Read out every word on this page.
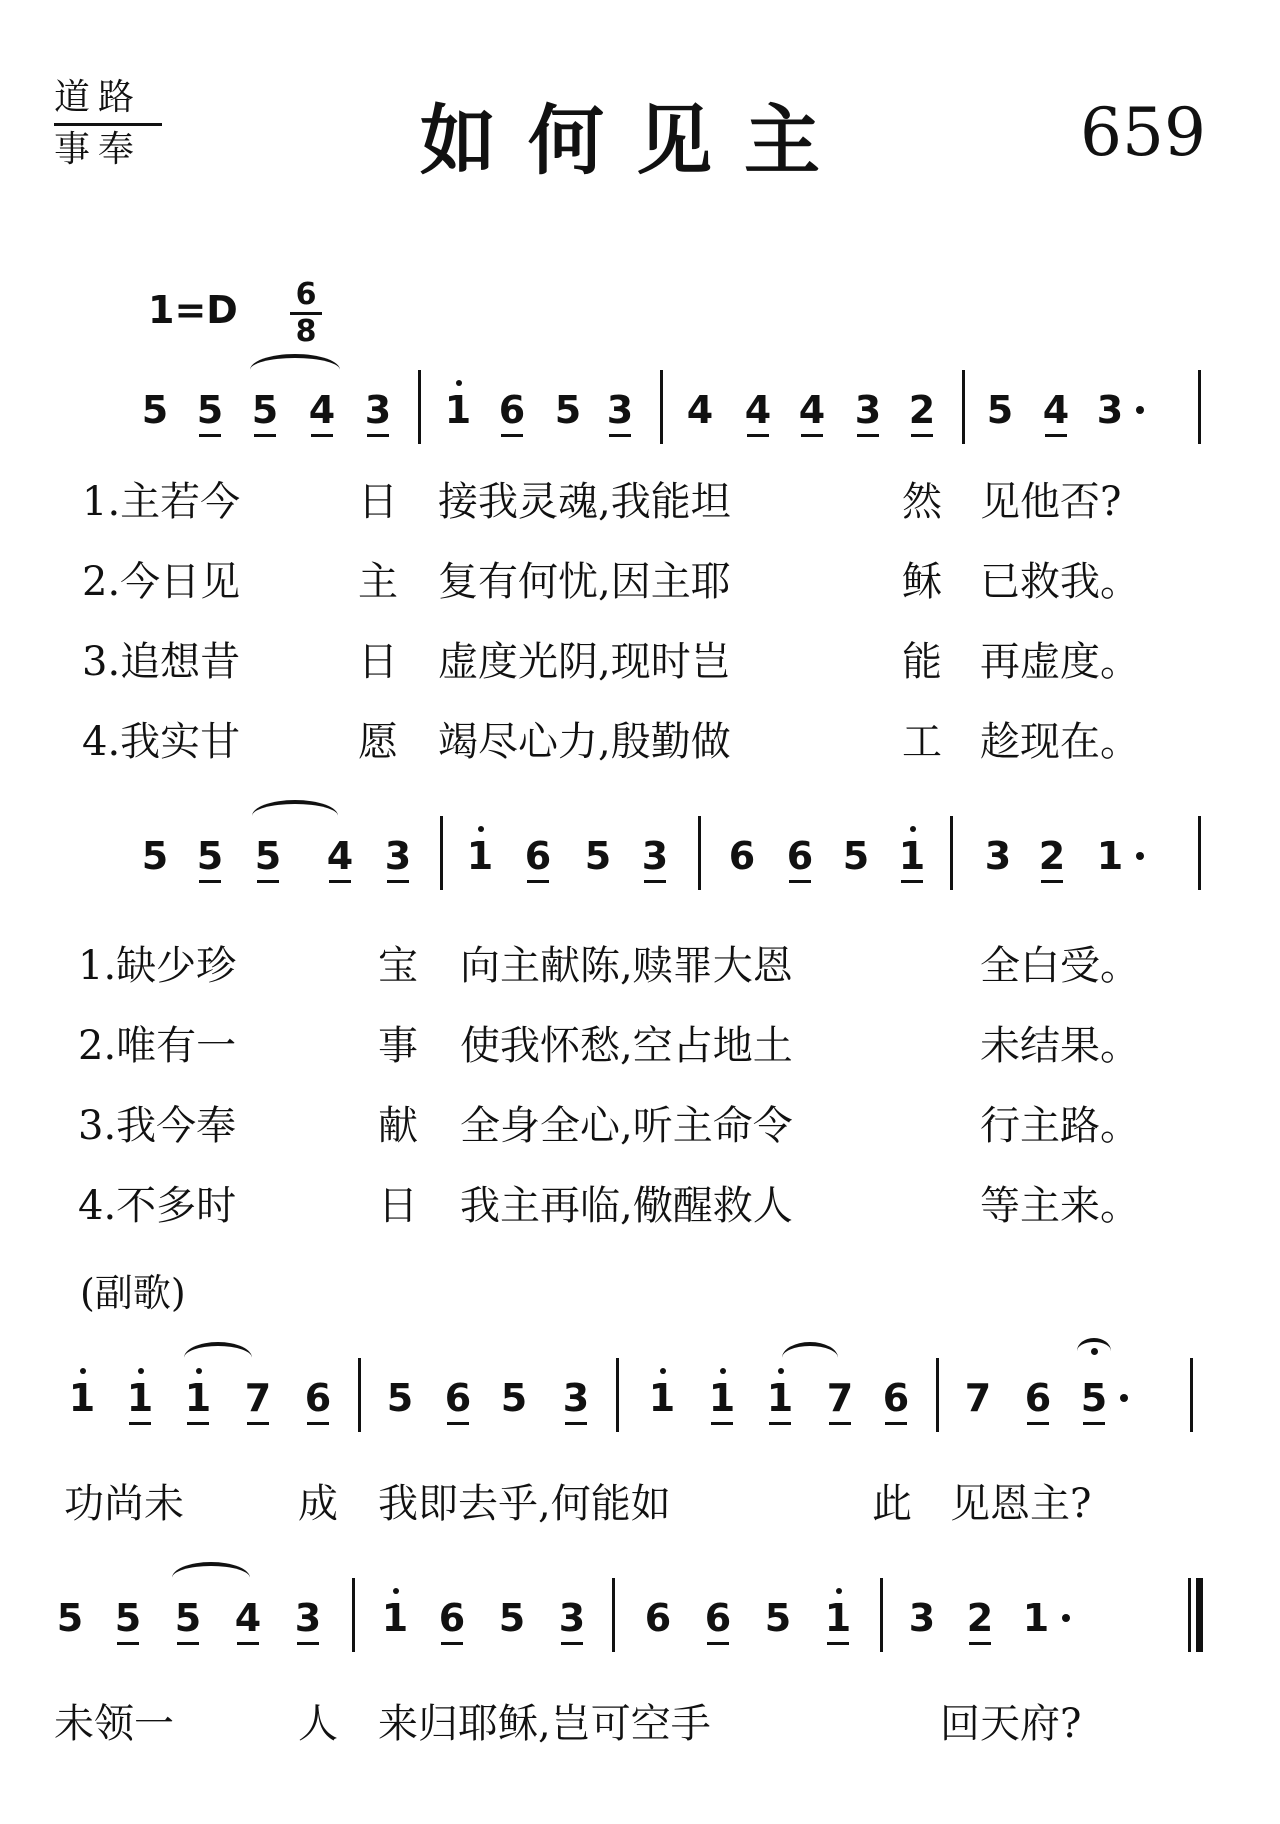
道路
事奉	如何见主	659
1=D	6
8
5 5 5 4 3 1 6 5 3 4 4 4 3 2 5 4 3
5 5 5 4 3 1 6 5 3 6 6 5 1 3 2 1
1 1 1 7 6 5 6 5 3 1 1 1 7 6 7 6 5
5 5 5 4 3 1 6 5 3 6 6 5 1 3 2 1
1.主若今	日 接我灵魂,我能坦	然 见他否?
2.今日见	主 复有何忧,因主耶	稣 已救我。
3.追想昔	日 虚度光阴,现时岂	能 再虚度。
4.我实甘	愿 竭尽心力,殷勤做	工 趁现在。
1.缺少珍	宝 向主献陈,赎罪大恩	全白受。
2.唯有一	事 使我怀愁,空占地土	未结果。
3.我今奉	献 全身全心,听主命令	行主路。
4.不多时	日 我主再临,儆醒救人	等主来。
(副歌)
功尚未	成 我即去乎,何能如	此 见恩主?
未领一	人 来归耶稣,岂可空手	回天府?
